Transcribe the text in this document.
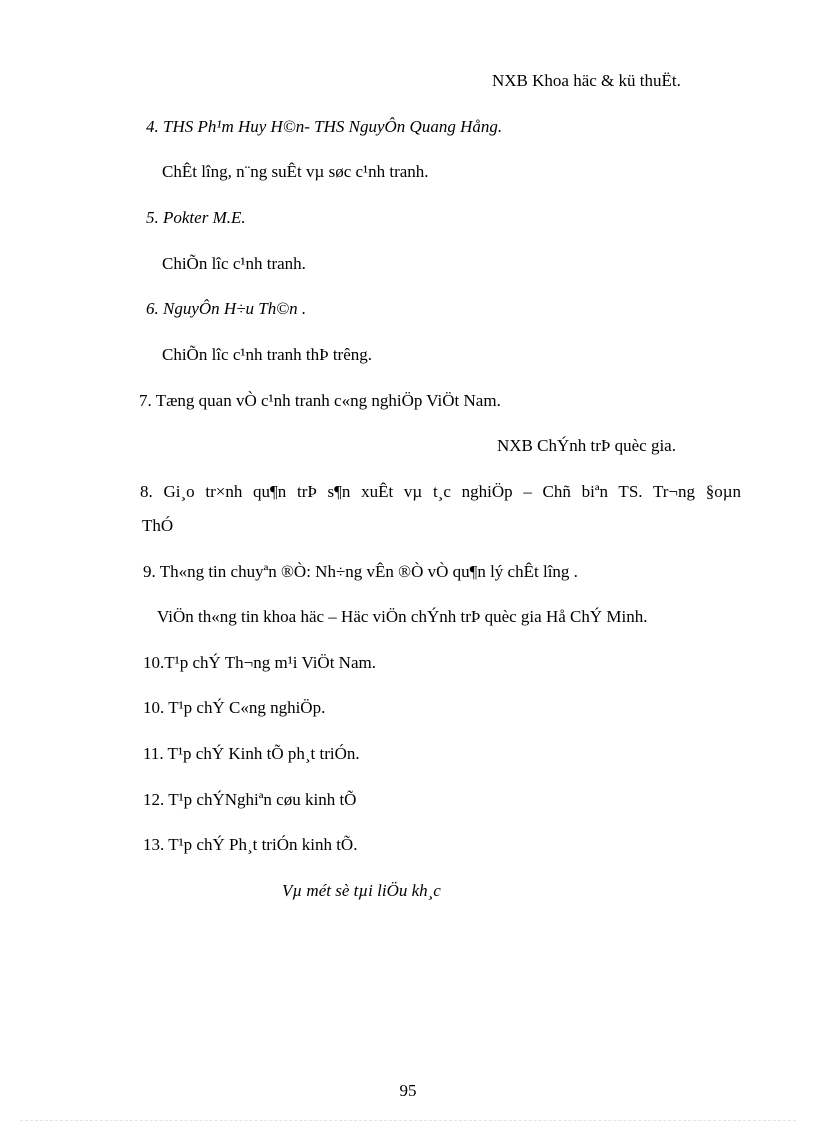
NXB Khoa häc & kü thuËt.
4. THS Ph¹m Huy H©n- THS NguyÔn Quang Hång.
ChÊt lîng, n¨ng suÊt vµ søc c¹nh tranh.
5. Pokter M.E.
ChiÕn lîc c¹nh tranh.
6. NguyÔn H÷u Th©n .
ChiÕn lîc c¹nh tranh thÞ trêng.
7. Tæng quan vÒ c¹nh tranh c«ng nghiÖp ViÖt Nam.
NXB ChÝnh trÞ quèc gia.
8. Gi¸o tr×nh qu¶n trÞ s¶n xuÊt vµ t¸c nghiÖp – Chñ biªn TS. Tr¬ng §oµn
ThÓ
9. Th«ng tin chuyªn ®Ò: Nh÷ng vÊn ®Ò vÒ qu¶n lý chÊt lîng .
ViÖn th«ng tin khoa häc – Häc viÖn chÝnh trÞ quèc gia Hå ChÝ Minh.
10.T¹p chÝ Th¬ng m¹i ViÖt Nam.
10. T¹p chÝ C«ng nghiÖp.
11. T¹p chÝ Kinh tÕ ph¸t triÓn.
12. T¹p chÝNghiªn cøu kinh tÕ
13. T¹p chÝ Ph¸t triÓn kinh tÕ.
Vµ mét sè tµi liÖu kh¸c
95
